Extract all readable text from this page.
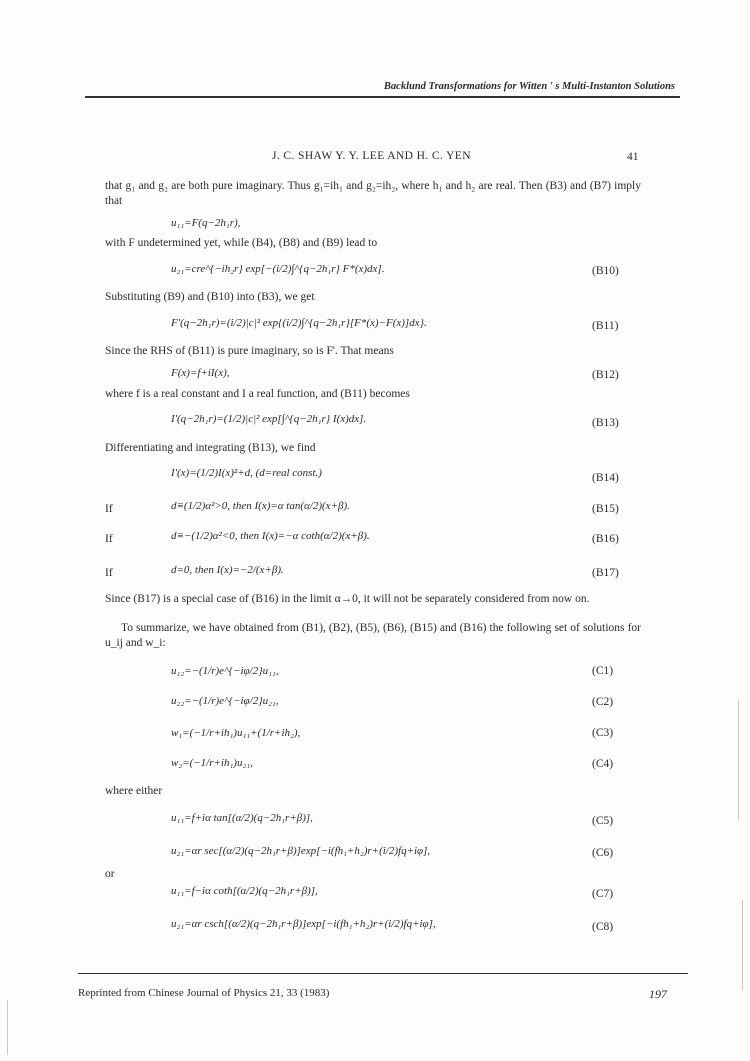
Backlund Transformations for Witten ' s Multi-Instanton Solutions
J. C. SHAW Y. Y. LEE AND H. C. YEN	41
that g₁ and g₂ are both pure imaginary. Thus g₁=ih₁ and g₂=ih₂, where h₁ and h₂ are real. Then (B3) and (B7) imply that
u₁₁=F(q−2h₁r),
with F undetermined yet, while (B4), (B8) and (B9) lead to
u₂₁=cre^{−ih₂r} exp[−(i/2)∫^{q−2h₁r} F*(x)dx].	(B10)
Substituting (B9) and (B10) into (B3), we get
F'(q−2h₁r)=(i/2)|c|² exp{(i/2)∫^{q−2h₁r}[F*(x)−F(x)]dx}.	(B11)
Since the RHS of (B11) is pure imaginary, so is F'. That means
F(x)=f+iI(x),	(B12)
where f is a real constant and I a real function, and (B11) becomes
I'(q−2h₁r)=(1/2)|c|² exp[∫^{q−2h₁r} I(x)dx].	(B13)
Differentiating and integrating (B13), we find
I'(x)=(1/2)I(x)²+d, (d=real const.)	(B14)
If	d≡(1/2)α²>0, then I(x)=α tan(α/2)(x+β).	(B15)
If	d≡−(1/2)α²<0, then I(x)=−α coth(α/2)(x+β).	(B16)
If	d=0, then I(x)=−2/(x+β).	(B17)
Since (B17) is a special case of (B16) in the limit α→0, it will not be separately considered from now on.
To summarize, we have obtained from (B1), (B2), (B5), (B6), (B15) and (B16) the following set of solutions for u_ij and w_i:
u₁₂=−(1/r)e^{−iφ/2}u₁₁,	(C1)
u₂₂=−(1/r)e^{−iφ/2}u₂₁,	(C2)
w₁=(−1/r+ih₁)u₁₁+(1/r+ih₂),	(C3)
w₂=(−1/r+ih₁)u₂₁,	(C4)
where either
u₁₁=f+iα tan[(α/2)(q−2h₁r+β)],	(C5)
u₂₁=αr sec[(α/2)(q−2h₁r+β)]exp[−i(fh₁+h₂)r+(i/2)fq+iφ],	(C6)
or
u₁₁=f−iα coth[(α/2)(q−2h₁r+β)],	(C7)
u₂₁=αr csch[(α/2)(q−2h₁r+β)]exp[−i(fh₁+h₂)r+(i/2)fq+iφ],	(C8)
Reprinted from Chinese Journal of Physics 21, 33 (1983)	197
